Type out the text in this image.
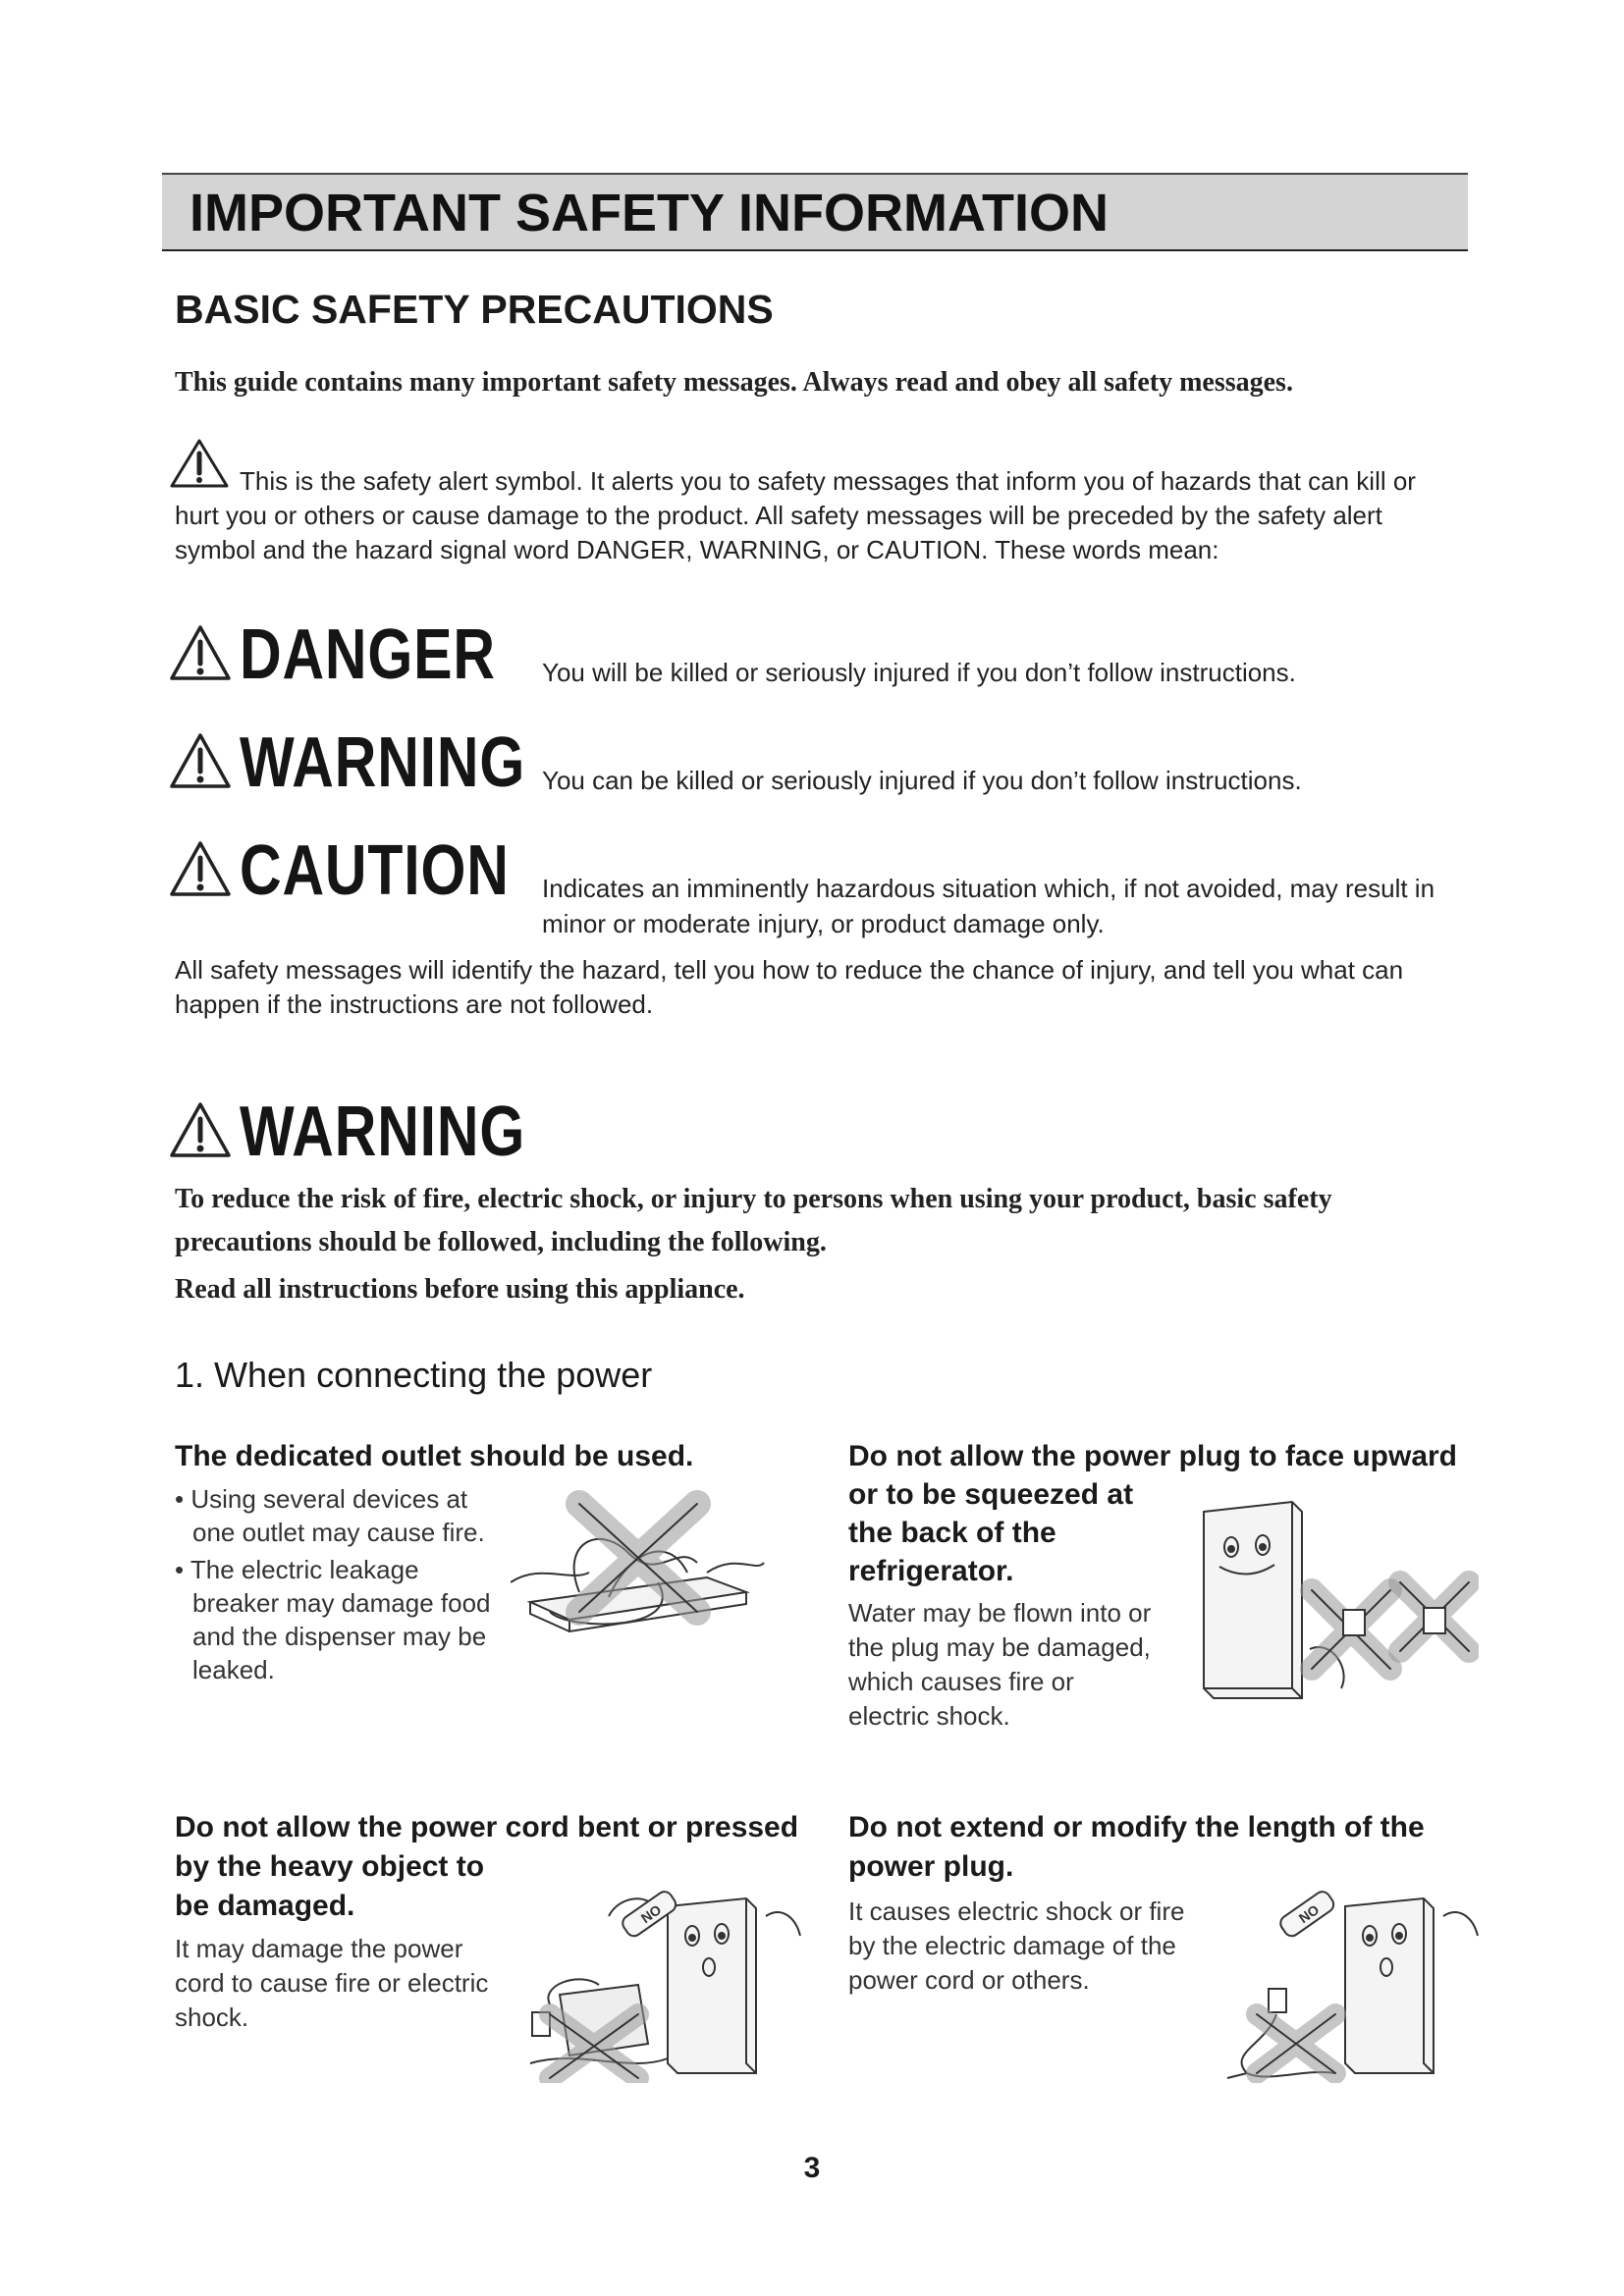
IMPORTANT SAFETY INFORMATION
BASIC SAFETY PRECAUTIONS
This guide contains many important safety messages. Always read and obey all safety messages.
This is the safety alert symbol. It alerts you to safety messages that inform you of hazards that can kill or
hurt you or others or cause damage to the product. All safety messages will be preceded by the safety alert
symbol and the hazard signal word DANGER, WARNING, or CAUTION. These words mean:
DANGER You will be killed or seriously injured if you don’t follow instructions.
WARNING You can be killed or seriously injured if you don’t follow instructions.
CAUTION Indicates an imminently hazardous situation which, if not avoided, may result in
minor or moderate injury, or product damage only.
All safety messages will identify the hazard, tell you how to reduce the chance of injury, and tell you what can
happen if the instructions are not followed.
WARNING
To reduce the risk of fire, electric shock, or injury to persons when using your product, basic safety
precautions should be followed, including the following.
Read all instructions before using this appliance.
1. When connecting the power
The dedicated outlet should be used.
• Using several devices at
one outlet may cause fire.
• The electric leakage
breaker may damage food
and the dispenser may be
leaked.
Do not allow the power plug to face upward
or to be squeezed at
the back of the
refrigerator.
Water may be flown into or
the plug may be damaged,
which causes fire or
electric shock.
Do not allow the power cord bent or pressed
by the heavy object to
be damaged.
It may damage the power
cord to cause fire or electric
shock.
NO
Do not extend or modify the length of the
power plug.
It causes electric shock or fire
by the electric damage of the
power cord or others.
NO
3
